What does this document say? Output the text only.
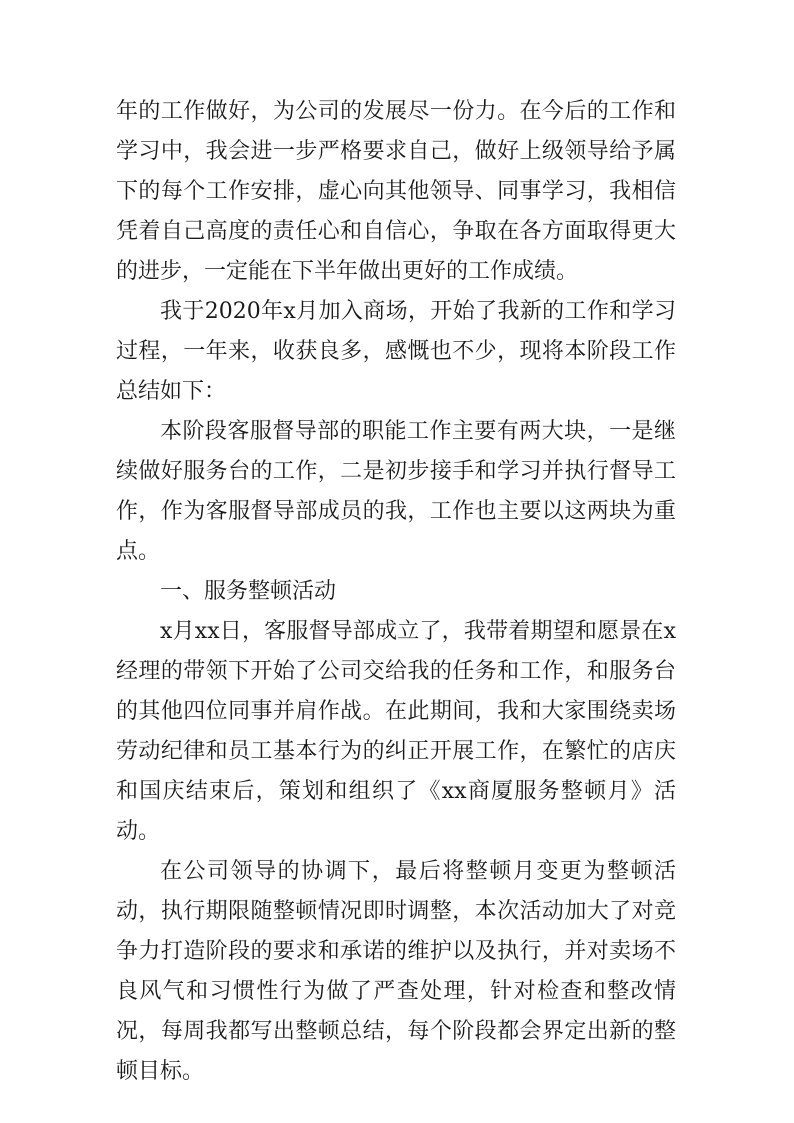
年的工作做好，为公司的发展尽一份力。在今后的工作和学习中，我会进一步严格要求自己，做好上级领导给予属下的每个工作安排，虚心向其他领导、同事学习，我相信凭着自己高度的责任心和自信心，争取在各方面取得更大的进步，一定能在下半年做出更好的工作成绩。

我于2020年x月加入商场，开始了我新的工作和学习过程，一年来，收获良多，感慨也不少，现将本阶段工作总结如下：

本阶段客服督导部的职能工作主要有两大块，一是继续做好服务台的工作，二是初步接手和学习并执行督导工作，作为客服督导部成员的我，工作也主要以这两块为重点。

一、服务整顿活动

x月xx日，客服督导部成立了，我带着期望和愿景在x经理的带领下开始了公司交给我的任务和工作，和服务台的其他四位同事并肩作战。在此期间，我和大家围绕卖场劳动纪律和员工基本行为的纠正开展工作，在繁忙的店庆和国庆结束后，策划和组织了《xx商厦服务整顿月》活动。

在公司领导的协调下，最后将整顿月变更为整顿活动，执行期限随整顿情况即时调整，本次活动加大了对竞争力打造阶段的要求和承诺的维护以及执行，并对卖场不良风气和习惯性行为做了严查处理，针对检查和整改情况，每周我都写出整顿总结，每个阶段都会界定出新的整顿目标。
